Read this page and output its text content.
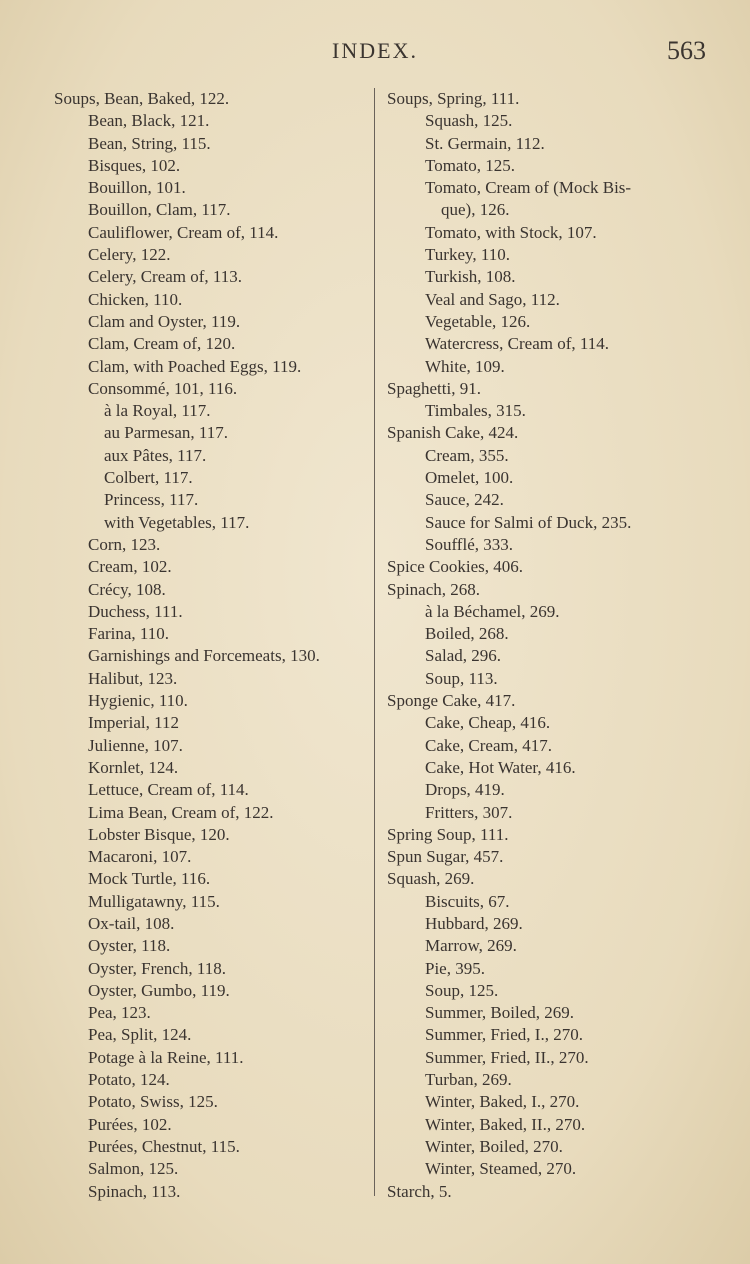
INDEX.	563
Soups, Bean, Baked, 122.
Bean, Black, 121.
Bean, String, 115.
Bisques, 102.
Bouillon, 101.
Bouillon, Clam, 117.
Cauliflower, Cream of, 114.
Celery, 122.
Celery, Cream of, 113.
Chicken, 110.
Clam and Oyster, 119.
Clam, Cream of, 120.
Clam, with Poached Eggs, 119.
Consommé, 101, 116.
à la Royal, 117.
au Parmesan, 117.
aux Pâtes, 117.
Colbert, 117.
Princess, 117.
with Vegetables, 117.
Corn, 123.
Cream, 102.
Crécy, 108.
Duchess, 111.
Farina, 110.
Garnishings and Forcemeats, 130.
Halibut, 123.
Hygienic, 110.
Imperial, 112
Julienne, 107.
Kornlet, 124.
Lettuce, Cream of, 114.
Lima Bean, Cream of, 122.
Lobster Bisque, 120.
Macaroni, 107.
Mock Turtle, 116.
Mulligatawny, 115.
Ox-tail, 108.
Oyster, 118.
Oyster, French, 118.
Oyster, Gumbo, 119.
Pea, 123.
Pea, Split, 124.
Potage à la Reine, 111.
Potato, 124.
Potato, Swiss, 125.
Purées, 102.
Purées, Chestnut, 115.
Salmon, 125.
Spinach, 113.
Soups, Spring, 111.
Squash, 125.
St. Germain, 112.
Tomato, 125.
Tomato, Cream of (Mock Bis-
que), 126.
Tomato, with Stock, 107.
Turkey, 110.
Turkish, 108.
Veal and Sago, 112.
Vegetable, 126.
Watercress, Cream of, 114.
White, 109.
Spaghetti, 91.
Timbales, 315.
Spanish Cake, 424.
Cream, 355.
Omelet, 100.
Sauce, 242.
Sauce for Salmi of Duck, 235.
Soufflé, 333.
Spice Cookies, 406.
Spinach, 268.
à la Béchamel, 269.
Boiled, 268.
Salad, 296.
Soup, 113.
Sponge Cake, 417.
Cake, Cheap, 416.
Cake, Cream, 417.
Cake, Hot Water, 416.
Drops, 419.
Fritters, 307.
Spring Soup, 111.
Spun Sugar, 457.
Squash, 269.
Biscuits, 67.
Hubbard, 269.
Marrow, 269.
Pie, 395.
Soup, 125.
Summer, Boiled, 269.
Summer, Fried, I., 270.
Summer, Fried, II., 270.
Turban, 269.
Winter, Baked, I., 270.
Winter, Baked, II., 270.
Winter, Boiled, 270.
Winter, Steamed, 270.
Starch, 5.
